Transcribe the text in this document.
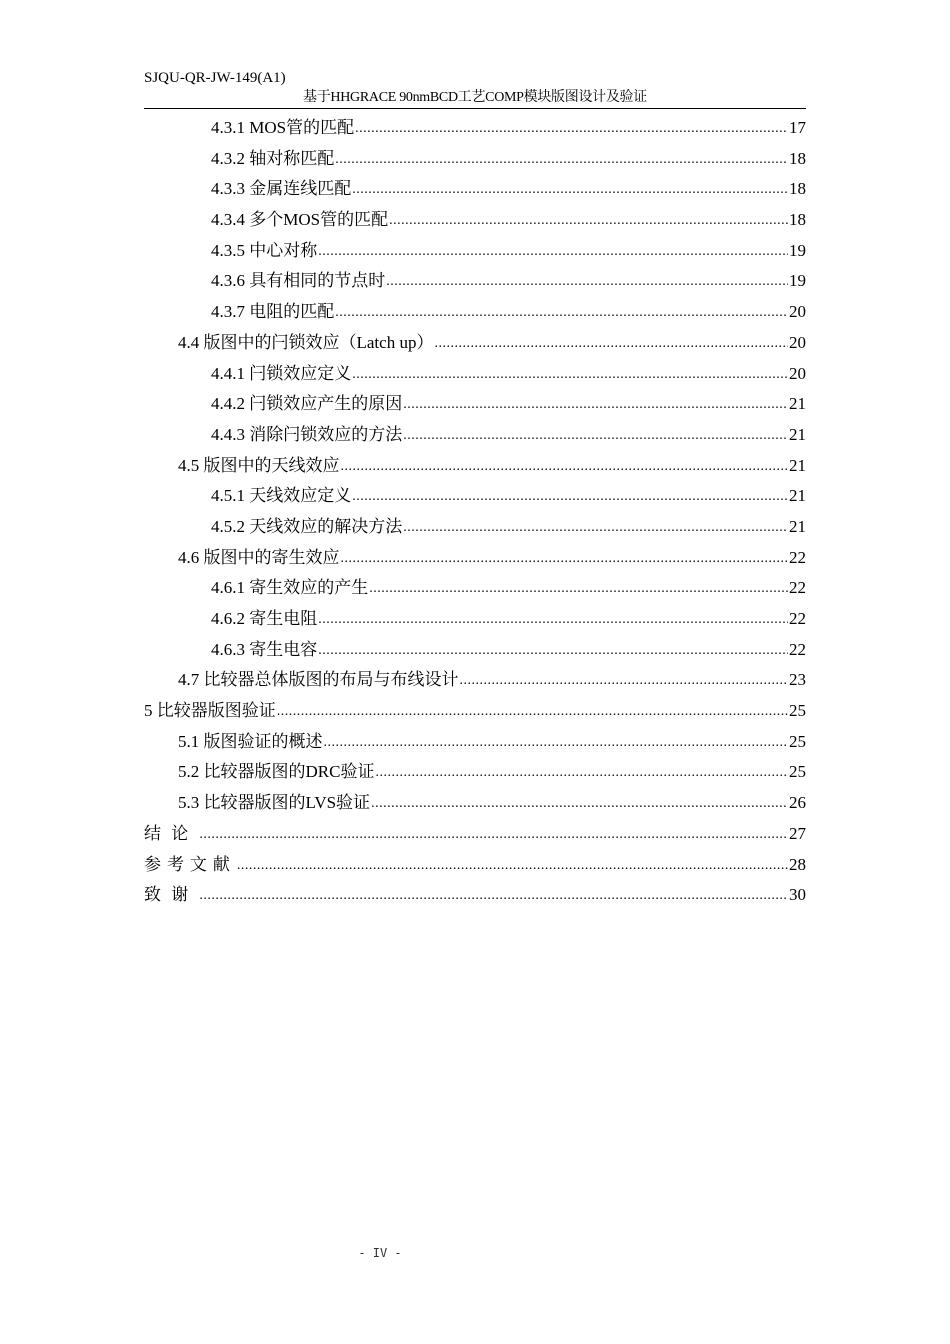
SJQU-QR-JW-149(A1)
基于HHGRACE 90nmBCD工艺COMP模块版图设计及验证
4.3.1 MOS管的匹配 .....	17
4.3.2 轴对称匹配 .....	18
4.3.3 金属连线匹配 .....	18
4.3.4 多个MOS管的匹配 .....	18
4.3.5 中心对称 .....	19
4.3.6 具有相同的节点时 .....	19
4.3.7 电阻的匹配 .....	20
4.4 版图中的闩锁效应（Latch up） .....	20
4.4.1 闩锁效应定义 .....	20
4.4.2 闩锁效应产生的原因 .....	21
4.4.3 消除闩锁效应的方法 .....	21
4.5 版图中的天线效应 .....	21
4.5.1 天线效应定义 .....	21
4.5.2 天线效应的解决方法 .....	21
4.6 版图中的寄生效应 .....	22
4.6.1 寄生效应的产生 .....	22
4.6.2 寄生电阻 .....	22
4.6.3 寄生电容 .....	22
4.7 比较器总体版图的布局与布线设计 .....	23
5 比较器版图验证 .....	25
5.1 版图验证的概述 .....	25
5.2 比较器版图的DRC验证 .....	25
5.3 比较器版图的LVS验证 .....	26
结论 .....	27
参考文献 .....	28
致谢 .....	30
- IV -
